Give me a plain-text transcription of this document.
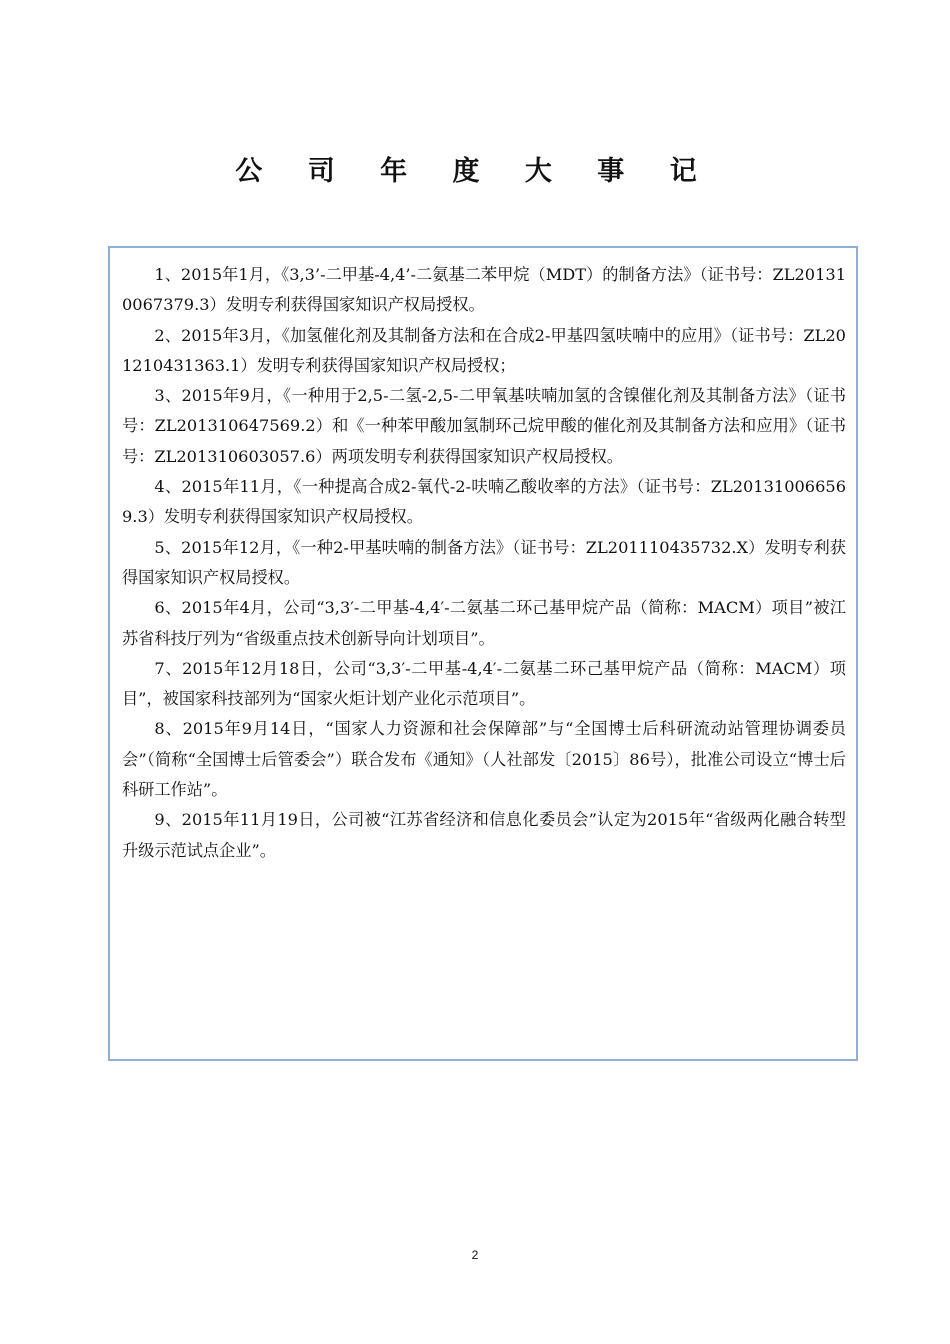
公 司 年 度 大 事 记

1、2015年1月，《3,3’-二甲基-4,4’-二氨基二苯甲烷（MDT）的制备方法》（证书号：ZL201310067379.3）发明专利获得国家知识产权局授权。

2、2015年3月，《加氢催化剂及其制备方法和在合成2-甲基四氢呋喃中的应用》（证书号：ZL201210431363.1）发明专利获得国家知识产权局授权；

3、2015年9月，《一种用于2,5-二氢-2,5-二甲氧基呋喃加氢的含镍催化剂及其制备方法》（证书号：ZL201310647569.2）和《一种苯甲酸加氢制环己烷甲酸的催化剂及其制备方法和应用》（证书号：ZL201310603057.6）两项发明专利获得国家知识产权局授权。

4、2015年11月，《一种提高合成2-氧代-2-呋喃乙酸收率的方法》（证书号：ZL201310066569.3）发明专利获得国家知识产权局授权。

5、2015年12月，《一种2-甲基呋喃的制备方法》（证书号：ZL201110435732.X）发明专利获得国家知识产权局授权。

6、2015年4月，公司“3,3′-二甲基-4,4′-二氨基二环己基甲烷产品（简称：MACM）项目”被江苏省科技厅列为“省级重点技术创新导向计划项目”。

7、2015年12月18日，公司“3,3′-二甲基-4,4′-二氨基二环己基甲烷产品（简称：MACM）项目”，被国家科技部列为“国家火炬计划产业化示范项目”。

8、2015年9月14日，“国家人力资源和社会保障部”与“全国博士后科研流动站管理协调委员会”（简称“全国博士后管委会”）联合发布《通知》（人社部发〔2015〕86号），批准公司设立“博士后科研工作站”。

9、2015年11月19日，公司被“江苏省经济和信息化委员会”认定为2015年“省级两化融合转型升级示范试点企业”。

2
